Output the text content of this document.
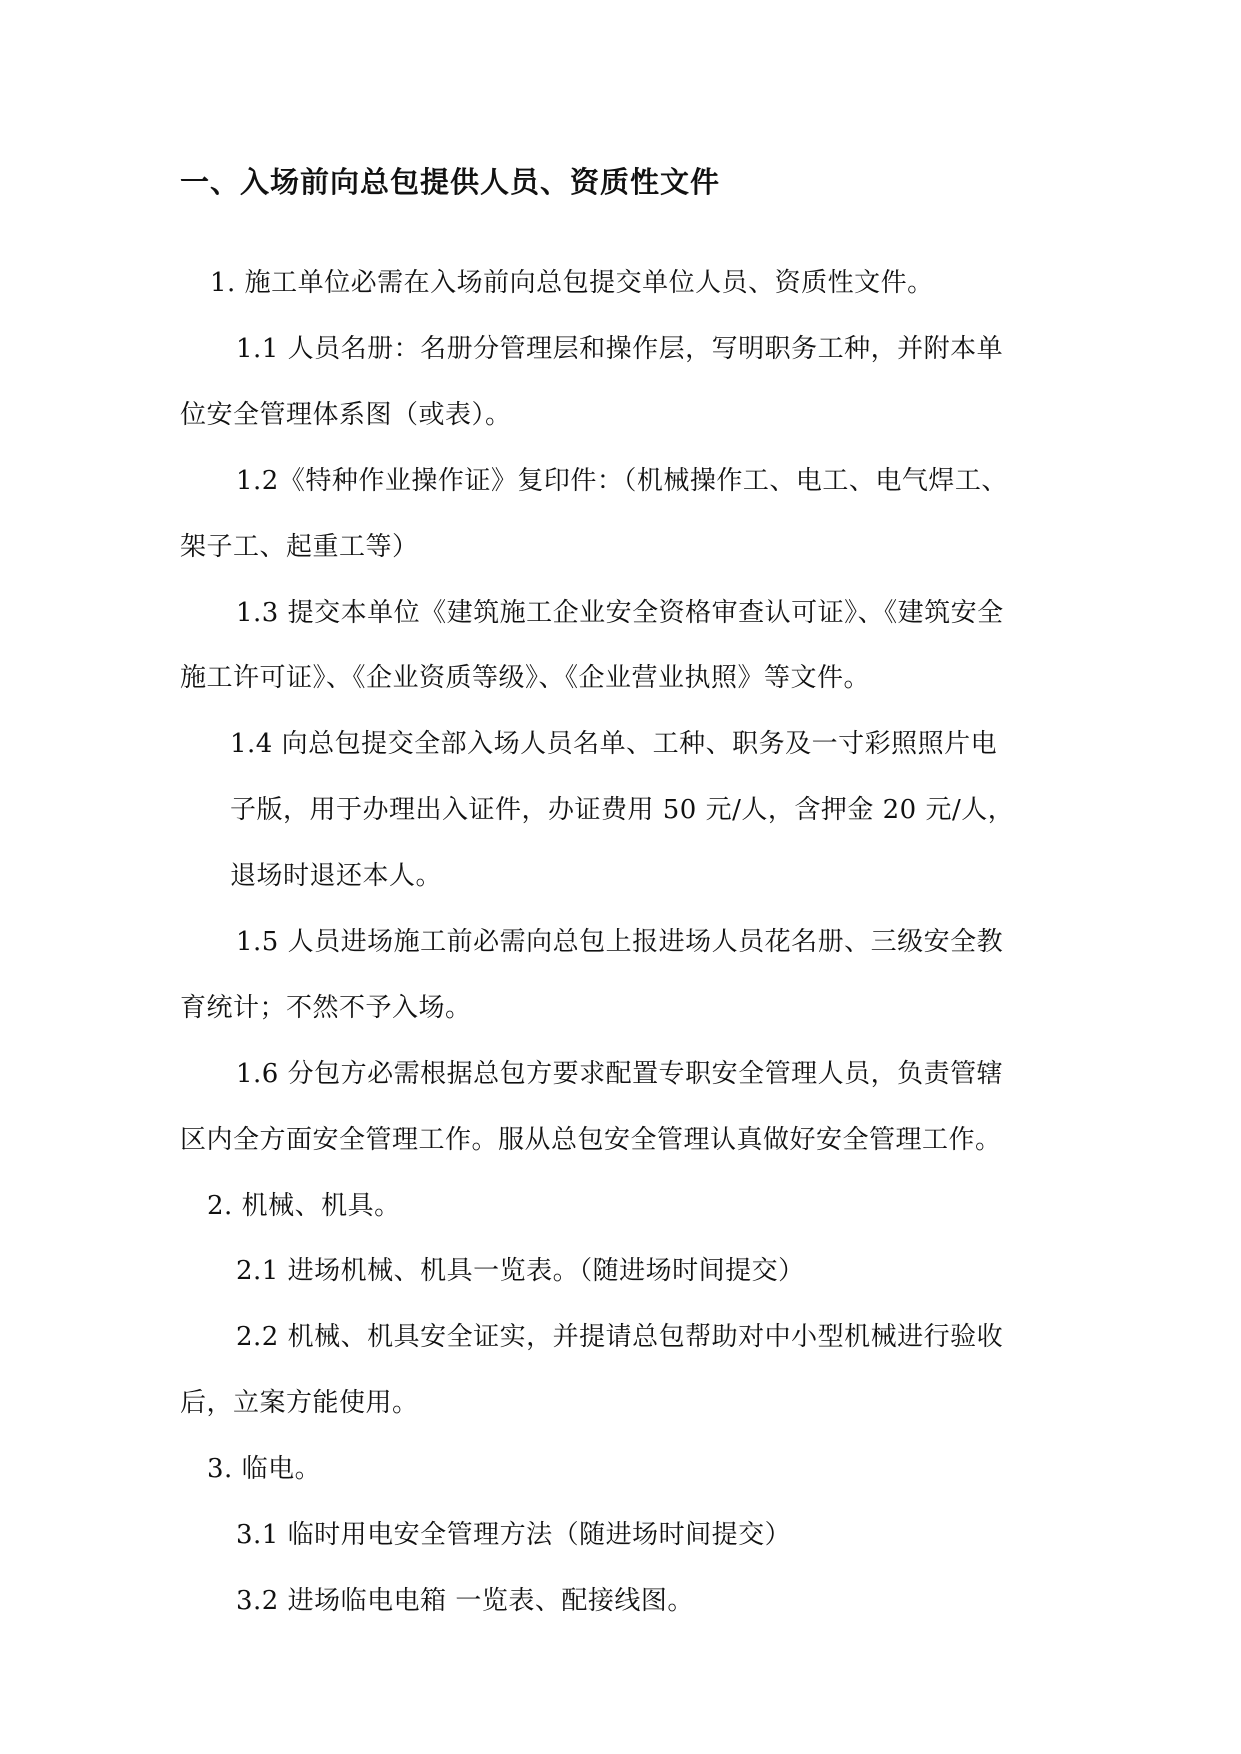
一、入场前向总包提供人员、资质性文件
1. 施工单位必需在入场前向总包提交单位人员、资质性文件。
1.1 人员名册：名册分管理层和操作层，写明职务工种，并附本单
位安全管理体系图（或表）。
1.2《特种作业操作证》复印件：（机械操作工、电工、电气焊工、
架子工、起重工等）
1.3 提交本单位《建筑施工企业安全资格审查认可证》、《建筑安全
施工许可证》、《企业资质等级》、《企业营业执照》等文件。
1.4 向总包提交全部入场人员名单、工种、职务及一寸彩照照片电
子版，用于办理出入证件，办证费用 50 元/人，含押金 20 元/人，
退场时退还本人。
1.5 人员进场施工前必需向总包上报进场人员花名册、三级安全教
育统计；不然不予入场。
1.6 分包方必需根据总包方要求配置专职安全管理人员，负责管辖
区内全方面安全管理工作。服从总包安全管理认真做好安全管理工作。
2. 机械、机具。
2.1 进场机械、机具一览表。（随进场时间提交）
2.2 机械、机具安全证实，并提请总包帮助对中小型机械进行验收
后，立案方能使用。
3. 临电。
3.1 临时用电安全管理方法（随进场时间提交）
3.2 进场临电电箱 一览表、配接线图。
